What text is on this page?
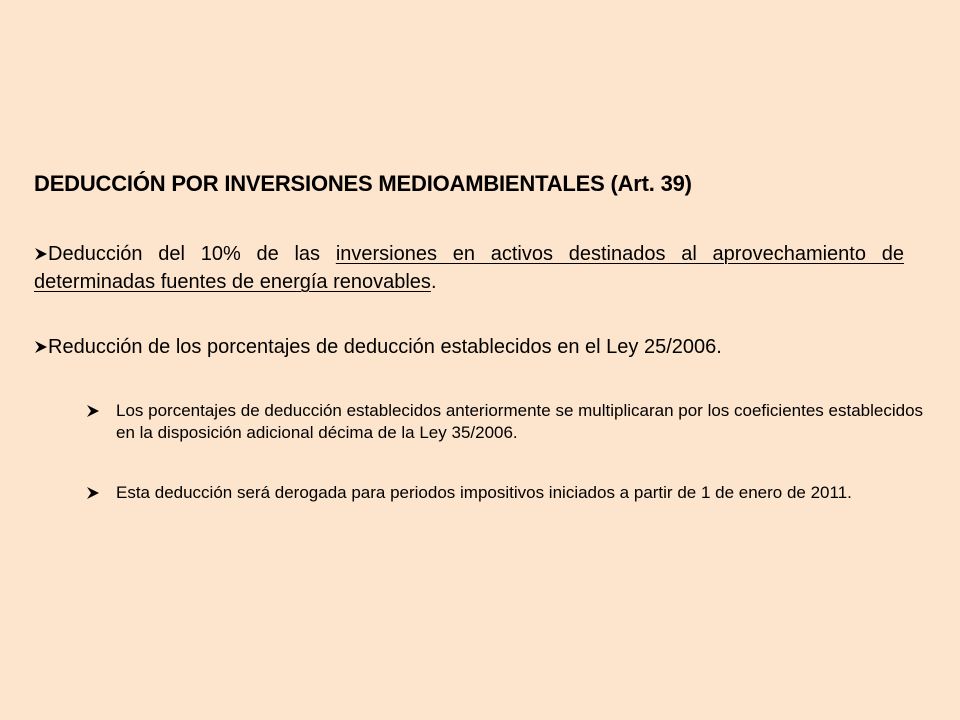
DEDUCCIÓN POR INVERSIONES MEDIOAMBIENTALES (Art. 39)
Deducción del 10% de las inversiones en activos destinados al aprovechamiento de determinadas fuentes de energía renovables.
Reducción de los porcentajes de deducción establecidos en el Ley 25/2006.
Los porcentajes de deducción establecidos anteriormente se multiplicaran por los coeficientes establecidos en la disposición adicional décima de la Ley 35/2006.
Esta deducción será derogada para periodos impositivos iniciados a partir de 1 de enero de 2011.
